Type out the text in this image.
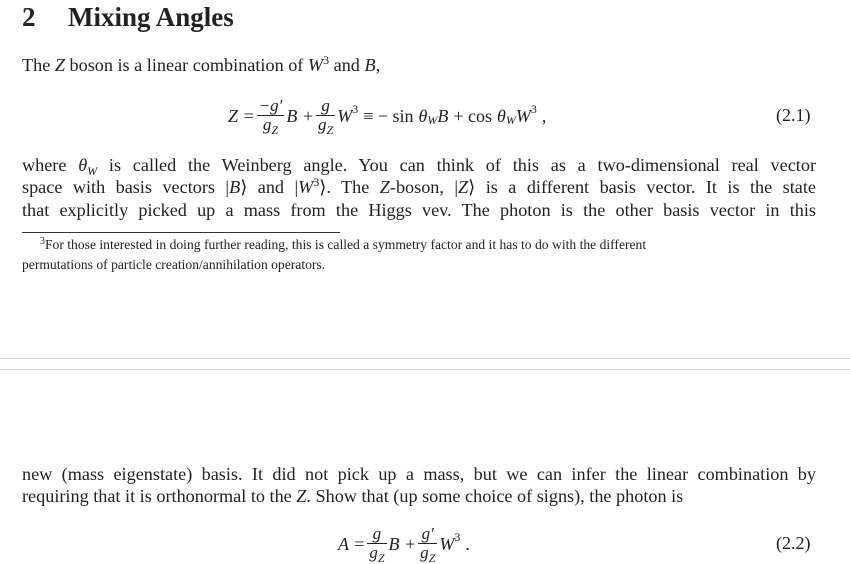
2 Mixing Angles
The Z boson is a linear combination of $W^3$ and B,
$Z = \frac{-g'}{g_Z}$ $B + \frac{g}{g_Z} W^3$ ≡ − $\sin \theta_W$ $B + \cos \theta_W$ $W^3$ ,	(2.1)
where $\theta_W$ is called the Weinberg angle. You can think of this as a two-dimensional real vector
space with basis vectors |B⟩ and $|W^3⟩$. The Z-boson, |Z⟩ is a different basis vector. It is the state
that explicitly picked up a mass from the Higgs vev. The photon is the other basis vector in this
$^3$For those interested in doing further reading, this is called a symmetry factor and it has to do with the different
permutations of particle creation/annihilation operators.
new (mass eigenstate) basis. It did not pick up a mass, but we can infer the linear combination by
requiring that it is orthonormal to the Z. Show that (up some choice of signs), the photon is
$A = \frac{g}{g_Z}$ $B + \frac{g'}{g_Z} W^3$ .	(2.2)
